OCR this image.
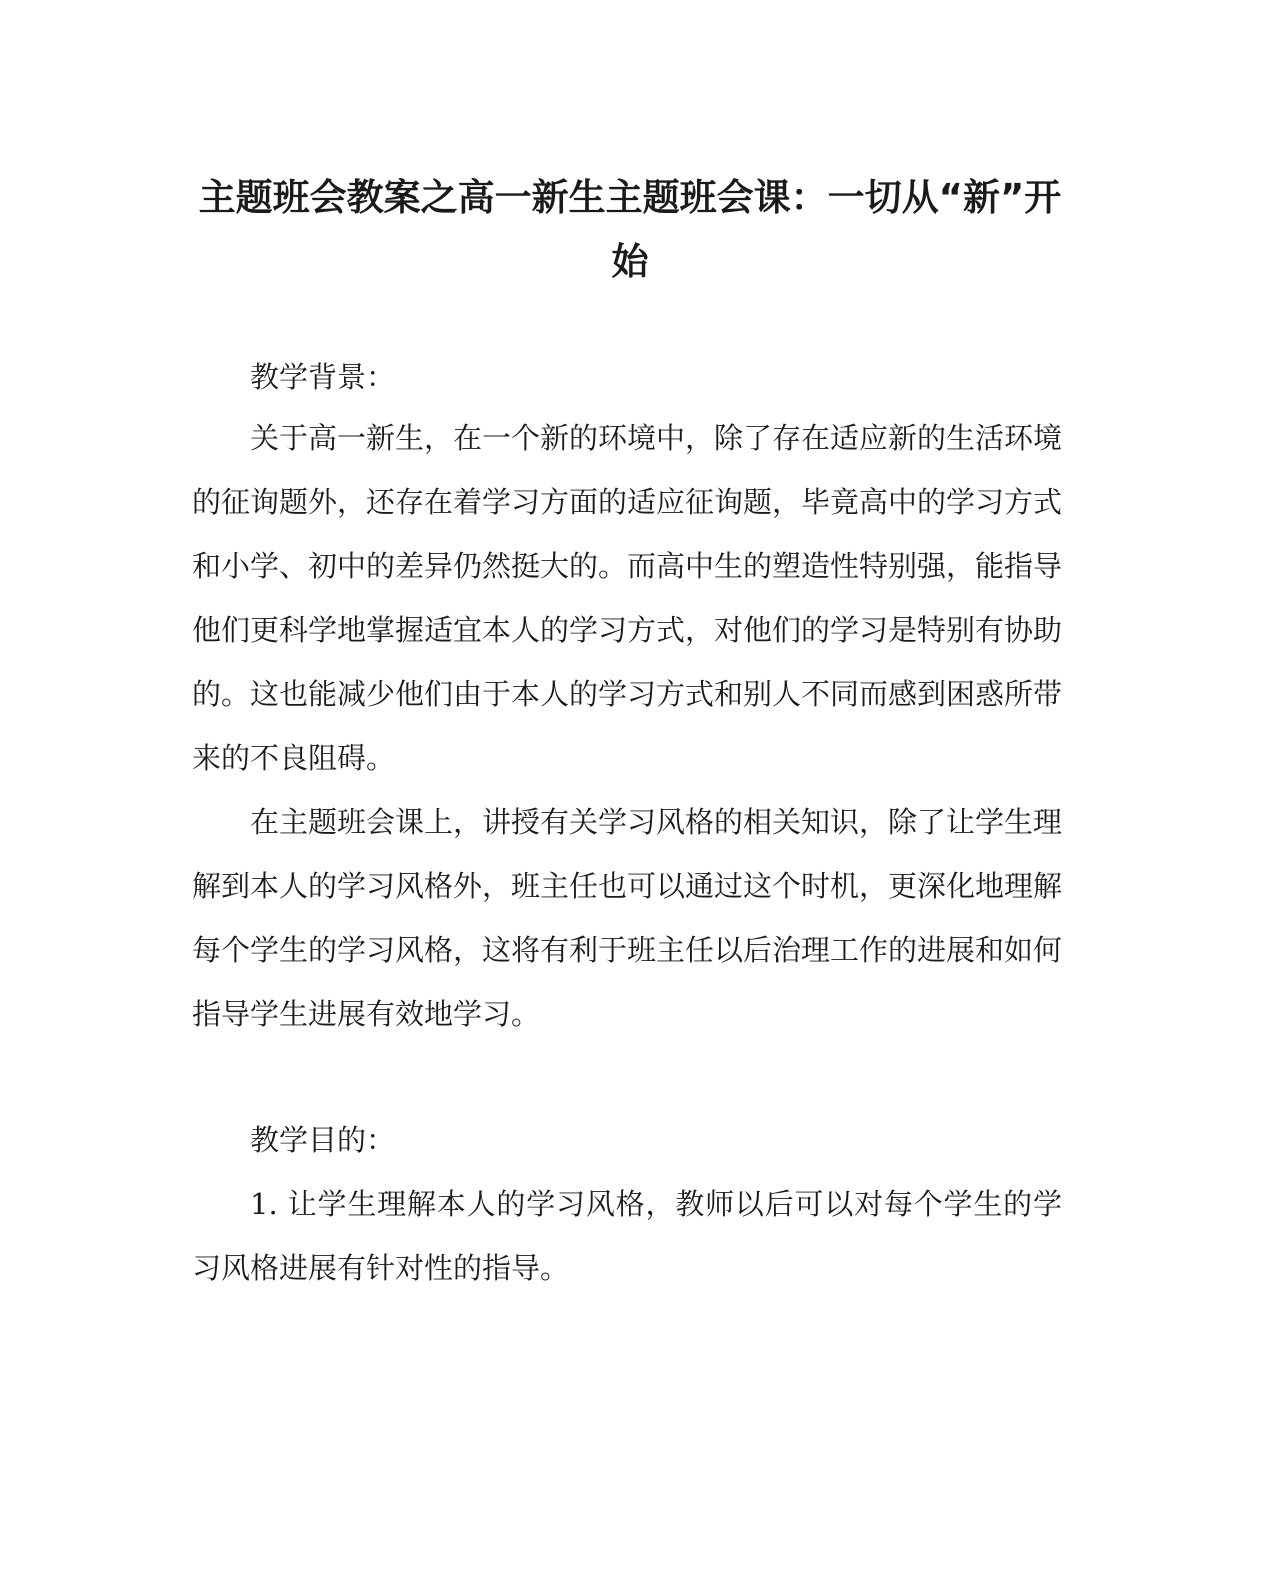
主题班会教案之高一新生主题班会课：一切从“新”开始

教学背景：

关于高一新生，在一个新的环境中，除了存在适应新的生活环境的征询题外，还存在着学习方面的适应征询题，毕竟高中的学习方式和小学、初中的差异仍然挺大的。而高中生的塑造性特别强，能指导他们更科学地掌握适宜本人的学习方式，对他们的学习是特别有协助的。这也能减少他们由于本人的学习方式和别人不同而感到困惑所带来的不良阻碍。

在主题班会课上，讲授有关学习风格的相关知识，除了让学生理解到本人的学习风格外，班主任也可以通过这个时机，更深化地理解每个学生的学习风格，这将有利于班主任以后治理工作的进展和如何指导学生进展有效地学习。

教学目的：

1. 让学生理解本人的学习风格，教师以后可以对每个学生的学习风格进展有针对性的指导。
